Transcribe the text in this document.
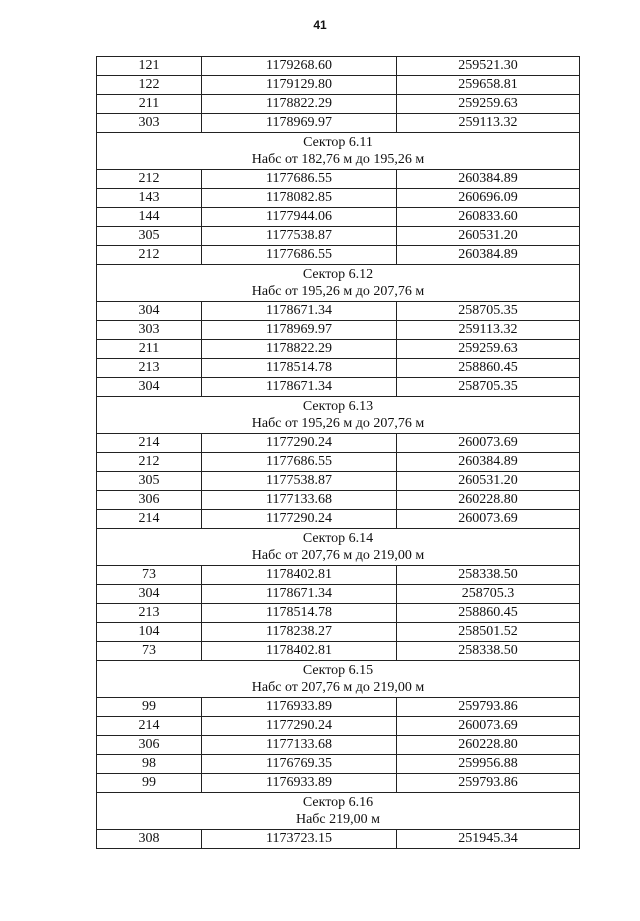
41
121	1179268.60	259521.30
122	1179129.80	259658.81
211	1178822.29	259259.63
303	1178969.97	259113.32

Сектор 6.11
Набс от 182,76 м до 195,26 м		

212	1177686.55	260384.89
143	1178082.85	260696.09
144	1177944.06	260833.60
305	1177538.87	260531.20
212	1177686.55	260384.89

Сектор 6.12
Набс от 195,26 м до 207,76 м		

304	1178671.34	258705.35
303	1178969.97	259113.32
211	1178822.29	259259.63
213	1178514.78	258860.45
304	1178671.34	258705.35

Сектор 6.13
Набс от 195,26 м до 207,76 м		

214	1177290.24	260073.69
212	1177686.55	260384.89
305	1177538.87	260531.20
306	1177133.68	260228.80
214	1177290.24	260073.69

Сектор 6.14
Набс от 207,76 м до 219,00 м		

73	1178402.81	258338.50
304	1178671.34	258705.3
213	1178514.78	258860.45
104	1178238.27	258501.52
73	1178402.81	258338.50

Сектор 6.15
Набс от 207,76 м до 219,00 м		

99	1176933.89	259793.86
214	1177290.24	260073.69
306	1177133.68	260228.80
98	1176769.35	259956.88
99	1176933.89	259793.86

Сектор 6.16
Набс 219,00 м		

308	1173723.15	251945.34
